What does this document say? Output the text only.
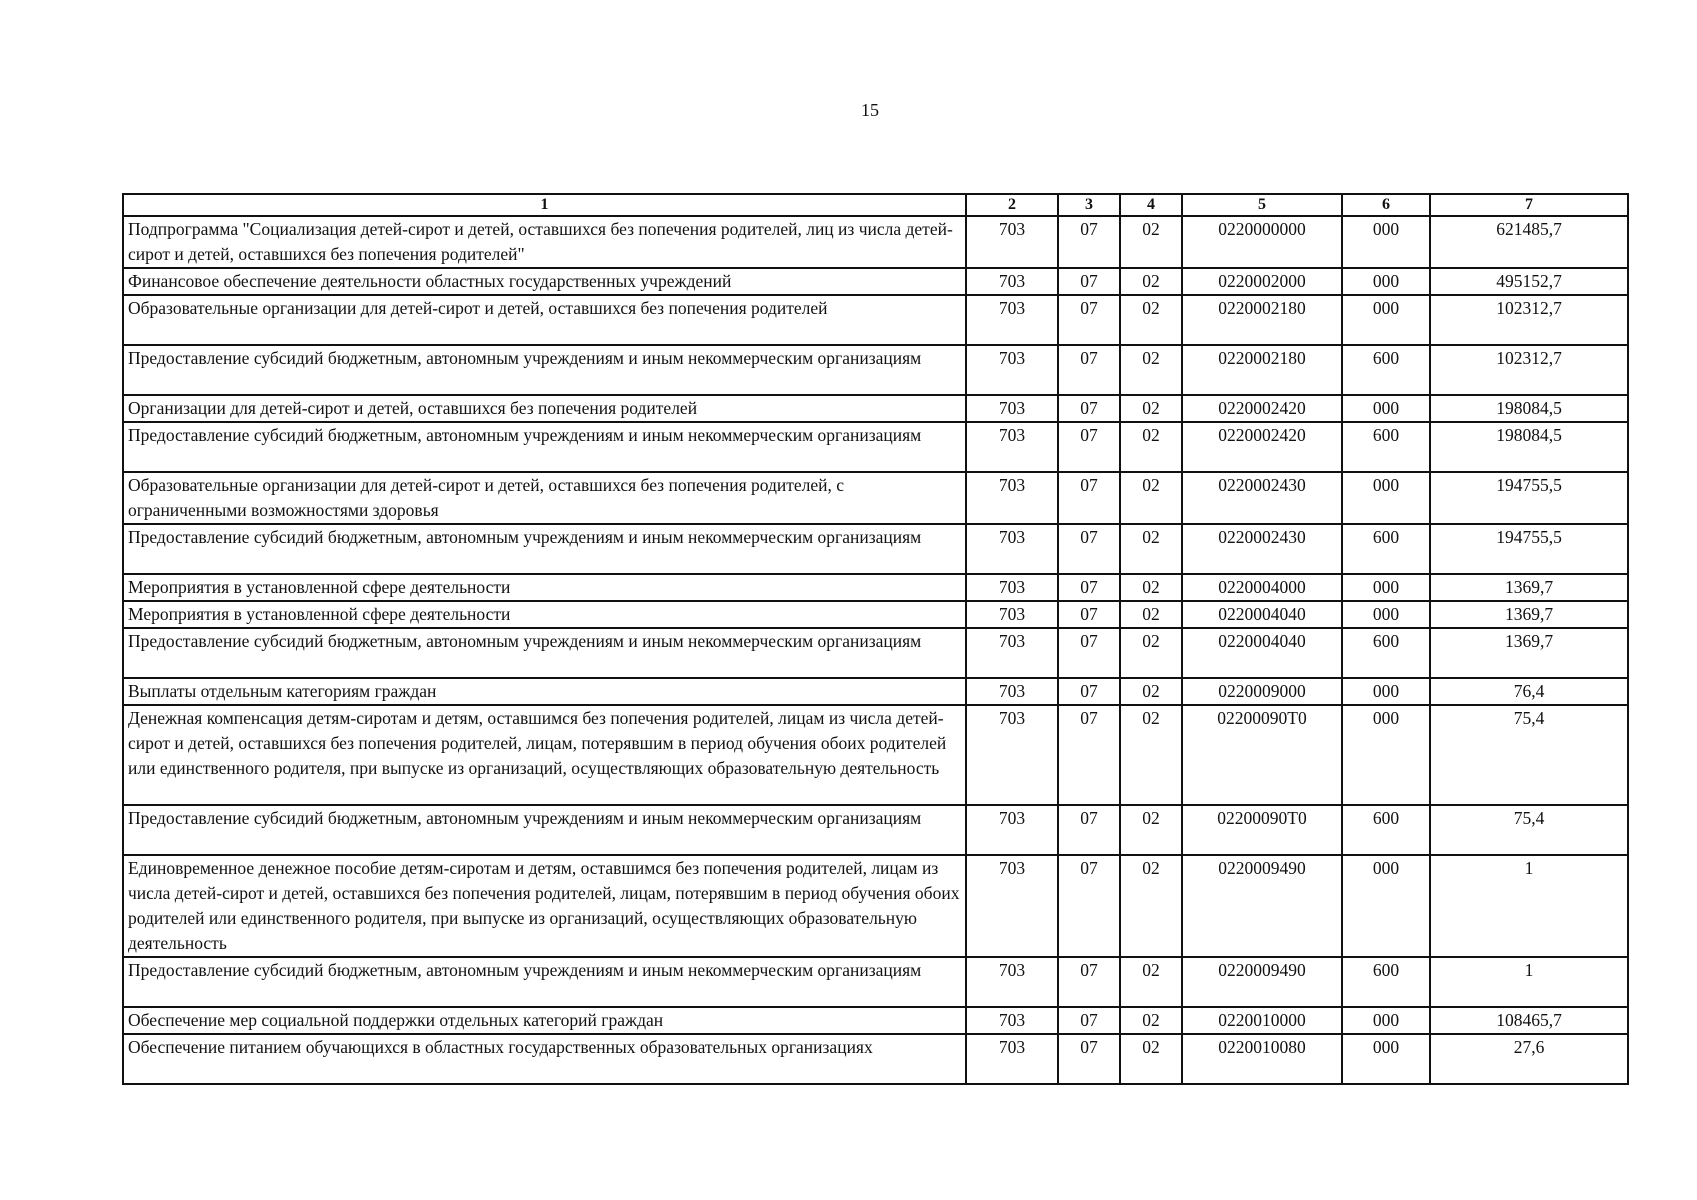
15
1	2	3	4	5	6	7
Подпрограмма "Социализация детей-сирот и детей, оставшихся без попечения родителей, лиц из числа детей-сирот и детей, оставшихся без попечения родителей"	703	07	02	0220000000	000	621485,7
Финансовое обеспечение деятельности областных государственных учреждений	703	07	02	0220002000	000	495152,7
Образовательные организации для детей-сирот и детей, оставшихся без попечения родителей	703	07	02	0220002180	000	102312,7
Предоставление субсидий бюджетным, автономным учреждениям и иным некоммерческим организациям	703	07	02	0220002180	600	102312,7
Организации для детей-сирот и детей, оставшихся без попечения родителей	703	07	02	0220002420	000	198084,5
Предоставление субсидий бюджетным, автономным учреждениям и иным некоммерческим организациям	703	07	02	0220002420	600	198084,5
Образовательные организации для детей-сирот и детей, оставшихся без попечения родителей, с ограниченными возможностями здоровья	703	07	02	0220002430	000	194755,5
Предоставление субсидий бюджетным, автономным учреждениям и иным некоммерческим организациям	703	07	02	0220002430	600	194755,5
Мероприятия в установленной сфере деятельности	703	07	02	0220004000	000	1369,7
Мероприятия в установленной сфере деятельности	703	07	02	0220004040	000	1369,7
Предоставление субсидий бюджетным, автономным учреждениям и иным некоммерческим организациям	703	07	02	0220004040	600	1369,7
Выплаты отдельным категориям граждан	703	07	02	0220009000	000	76,4
Денежная компенсация детям-сиротам и детям, оставшимся без попечения родителей, лицам из числа детей-сирот и детей, оставшихся без попечения родителей, лицам, потерявшим в период обучения обоих родителей или единственного родителя, при выпуске из организаций, осуществляющих образовательную деятельность	703	07	02	02200090Т0	000	75,4
Предоставление субсидий бюджетным, автономным учреждениям и иным некоммерческим организациям	703	07	02	02200090Т0	600	75,4
Единовременное денежное пособие детям-сиротам и детям, оставшимся без попечения родителей, лицам из числа детей-сирот и детей, оставшихся без попечения родителей, лицам, потерявшим в период обучения обоих родителей или единственного родителя, при выпуске из организаций, осуществляющих образовательную деятельность	703	07	02	0220009490	000	1
Предоставление субсидий бюджетным, автономным учреждениям и иным некоммерческим организациям	703	07	02	0220009490	600	1
Обеспечение мер социальной поддержки отдельных категорий граждан	703	07	02	0220010000	000	108465,7
Обеспечение питанием обучающихся в областных государственных образовательных организациях	703	07	02	0220010080	000	27,6
